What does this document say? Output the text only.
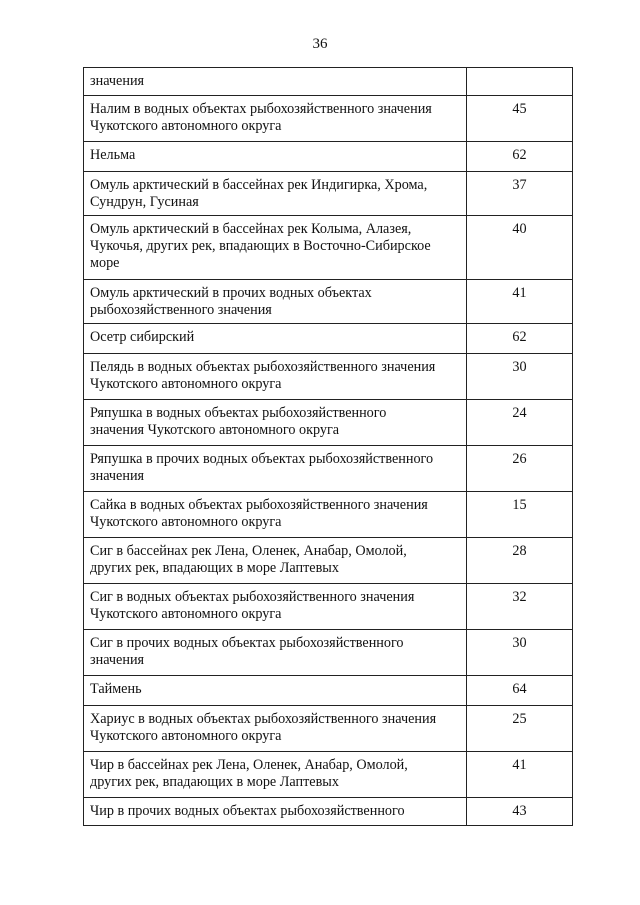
36
значения	
Налим в водных объектах рыбохозяйственного значения
Чукотского автономного округа	45
Нельма	62
Омуль арктический в бассейнах рек Индигирка, Хрома,
Сундрун, Гусиная	37
Омуль арктический в бассейнах рек Колыма, Алазея,
Чукочья, других рек, впадающих в Восточно-Сибирское
море	40
Омуль арктический в прочих водных объектах
рыбохозяйственного значения	41
Осетр сибирский	62
Пелядь в водных объектах рыбохозяйственного значения
Чукотского автономного округа	30
Ряпушка в водных объектах рыбохозяйственного
значения Чукотского автономного округа	24
Ряпушка в прочих водных объектах рыбохозяйственного
значения	26
Сайка в водных объектах рыбохозяйственного значения
Чукотского автономного округа	15
Сиг в бассейнах рек Лена, Оленек, Анабар, Омолой,
других рек, впадающих в море Лаптевых	28
Сиг в водных объектах рыбохозяйственного значения
Чукотского автономного округа	32
Сиг в прочих водных объектах рыбохозяйственного
значения	30
Таймень	64
Хариус в водных объектах рыбохозяйственного значения
Чукотского автономного округа	25
Чир в бассейнах рек Лена, Оленек, Анабар, Омолой,
других рек, впадающих в море Лаптевых	41
Чир в прочих водных объектах рыбохозяйственного	43
